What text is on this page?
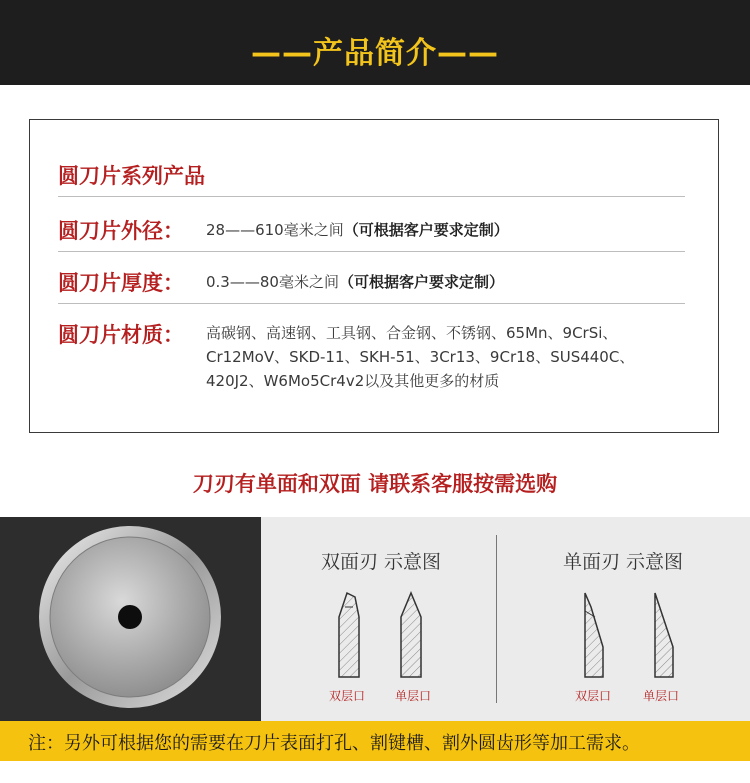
——产品简介——
圆刀片系列产品
圆刀片外径： 28——610毫米之间（可根据客户要求定制）
圆刀片厚度： 0.3——80毫米之间（可根据客户要求定制）
圆刀片材质： 高碳钢、高速钢、工具钢、合金钢、不锈钢、65Mn、9CrSi、
Cr12MoV、SKD-11、SKH-51、3Cr13、9Cr18、SUS440C、
420J2、W6Mo5Cr4v2以及其他更多的材质
刀刃有单面和双面 请联系客服按需选购
双面刃 示意图
双层口	单层口
单面刃 示意图
双层口	单层口
注：另外可根据您的需要在刀片表面打孔、割键槽、割外圆齿形等加工需求。
